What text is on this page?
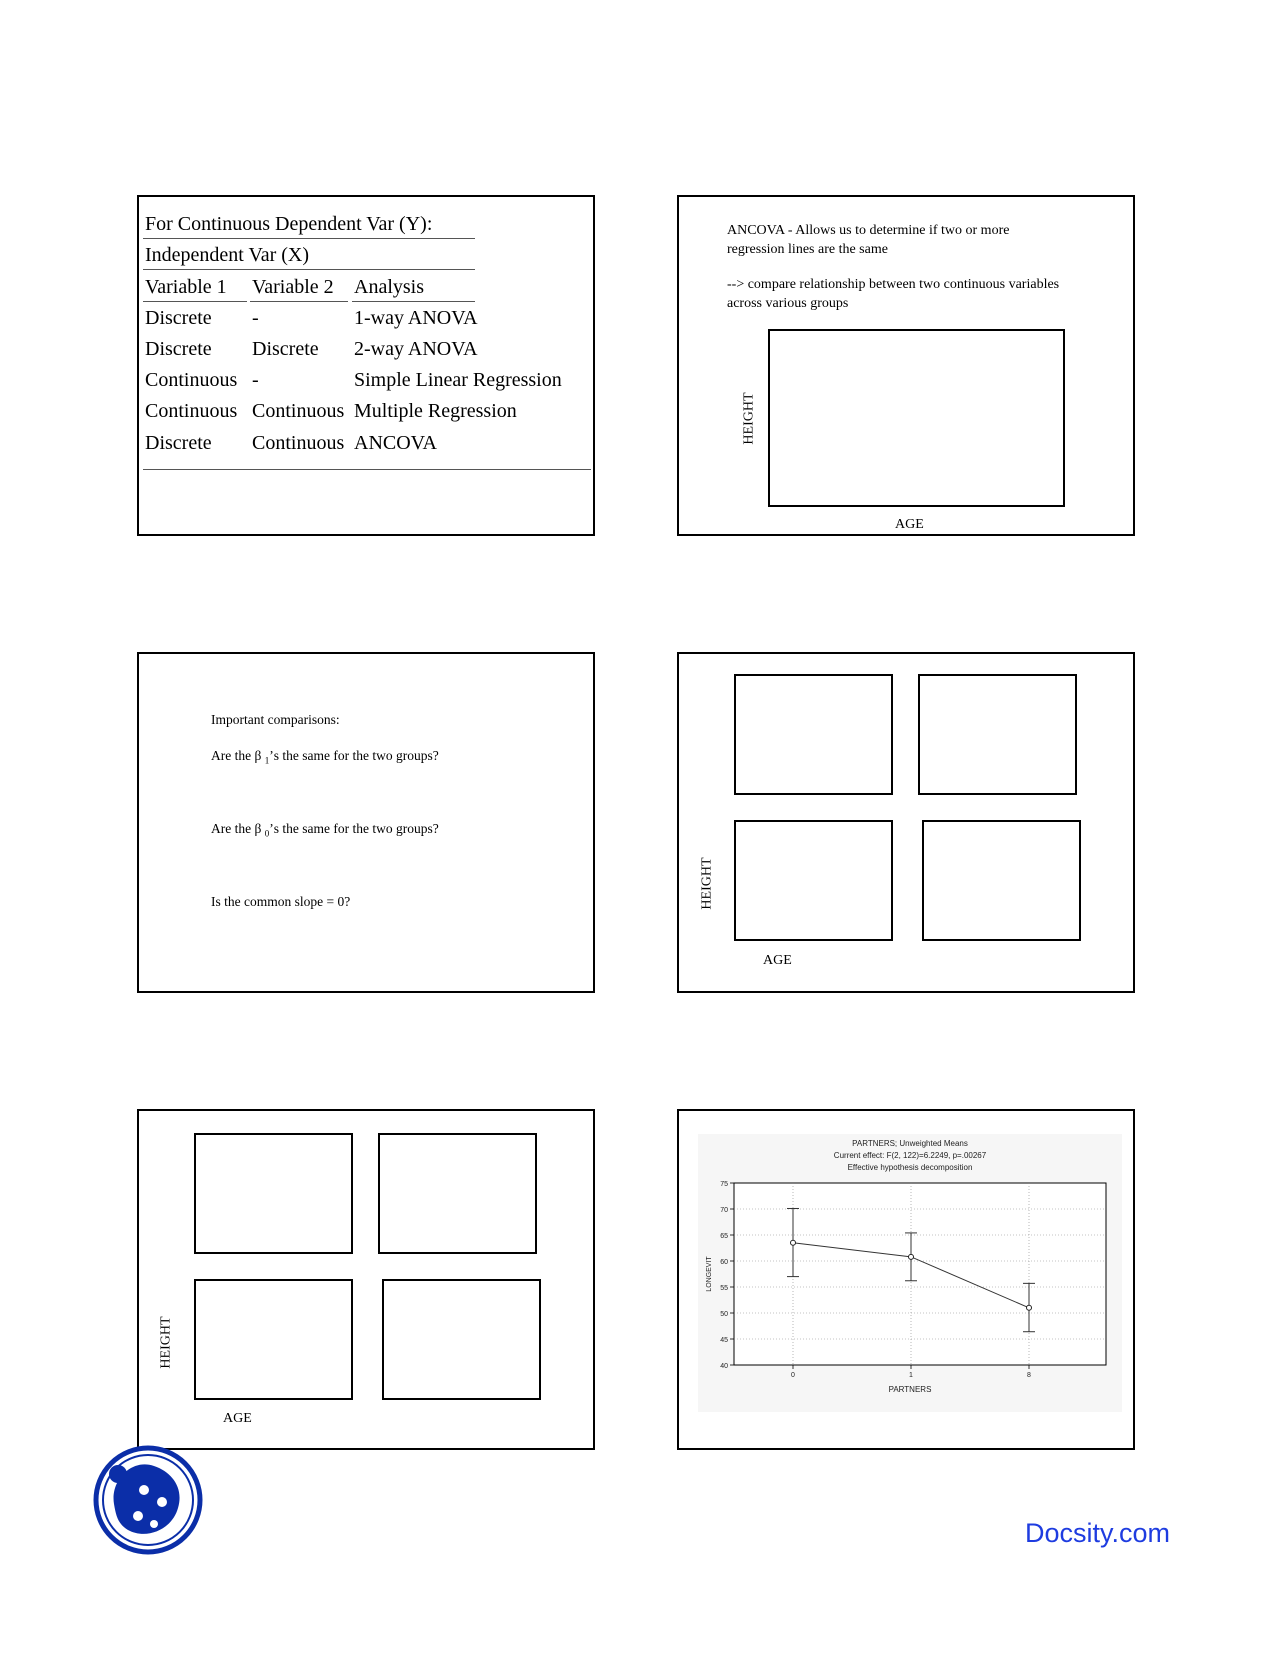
For Continuous Dependent Var (Y):
Independent Var (X)
Variable 1 Variable 2 Analysis
Discrete -	1-way ANOVA
Discrete Discrete 2-way ANOVA
Continuous -	Simple Linear Regression
Continuous Continuous Multiple Regression
Discrete Continuous ANCOVA
ANCOVA - Allows us to determine if two or more
regression lines are the same
--> compare relationship between two continuous variables
across various groups
HEIGHT
AGE
Important comparisons:
Are the β $_1$’s the same for the two groups?
Are the β $_0$’s the same for the two groups?
Is the common slope = 0?	HEIGHT
AGE
HEIGHT
AGE
PARTNERS; Unweighted Means
Current effect: F(2, 122)=6.2249, p=.00267
Effective hypothesis decomposition
40
45
50
55
60
65
70
75
0	1	8
PARTNERS
LONGEVIT
Docsity.com
